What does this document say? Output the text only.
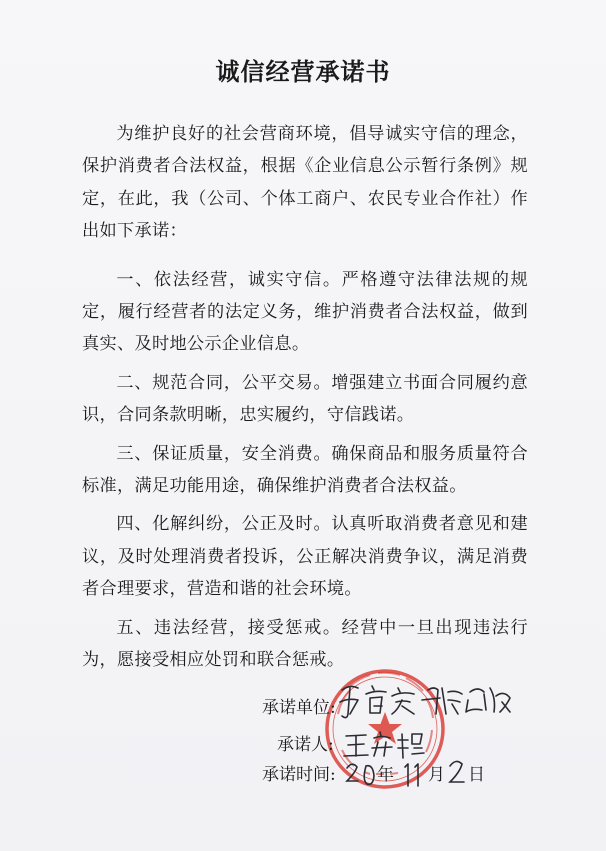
诚信经营承诺书

为维护良好的社会营商环境，倡导诚实守信的理念，保护消费者合法权益，根据《企业信息公示暂行条例》规定，在此，我（公司、个体工商户、农民专业合作社）作出如下承诺：

一、依法经营，诚实守信。严格遵守法律法规的规定，履行经营者的法定义务，维护消费者合法权益，做到真实、及时地公示企业信息。

二、规范合同，公平交易。增强建立书面合同履约意识，合同条款明晰，忠实履约，守信践诺。

三、保证质量，安全消费。确保商品和服务质量符合标准，满足功能用途，确保维护消费者合法权益。

四、化解纠纷，公正及时。认真听取消费者意见和建议，及时处理消费者投诉，公正解决消费争议，满足消费者合理要求，营造和谐的社会环境。

五、违法经营，接受惩戒。经营中一旦出现违法行为，愿接受相应处罚和联合惩戒。

承诺单位:
承诺人:
承诺时间: 年 月 日
